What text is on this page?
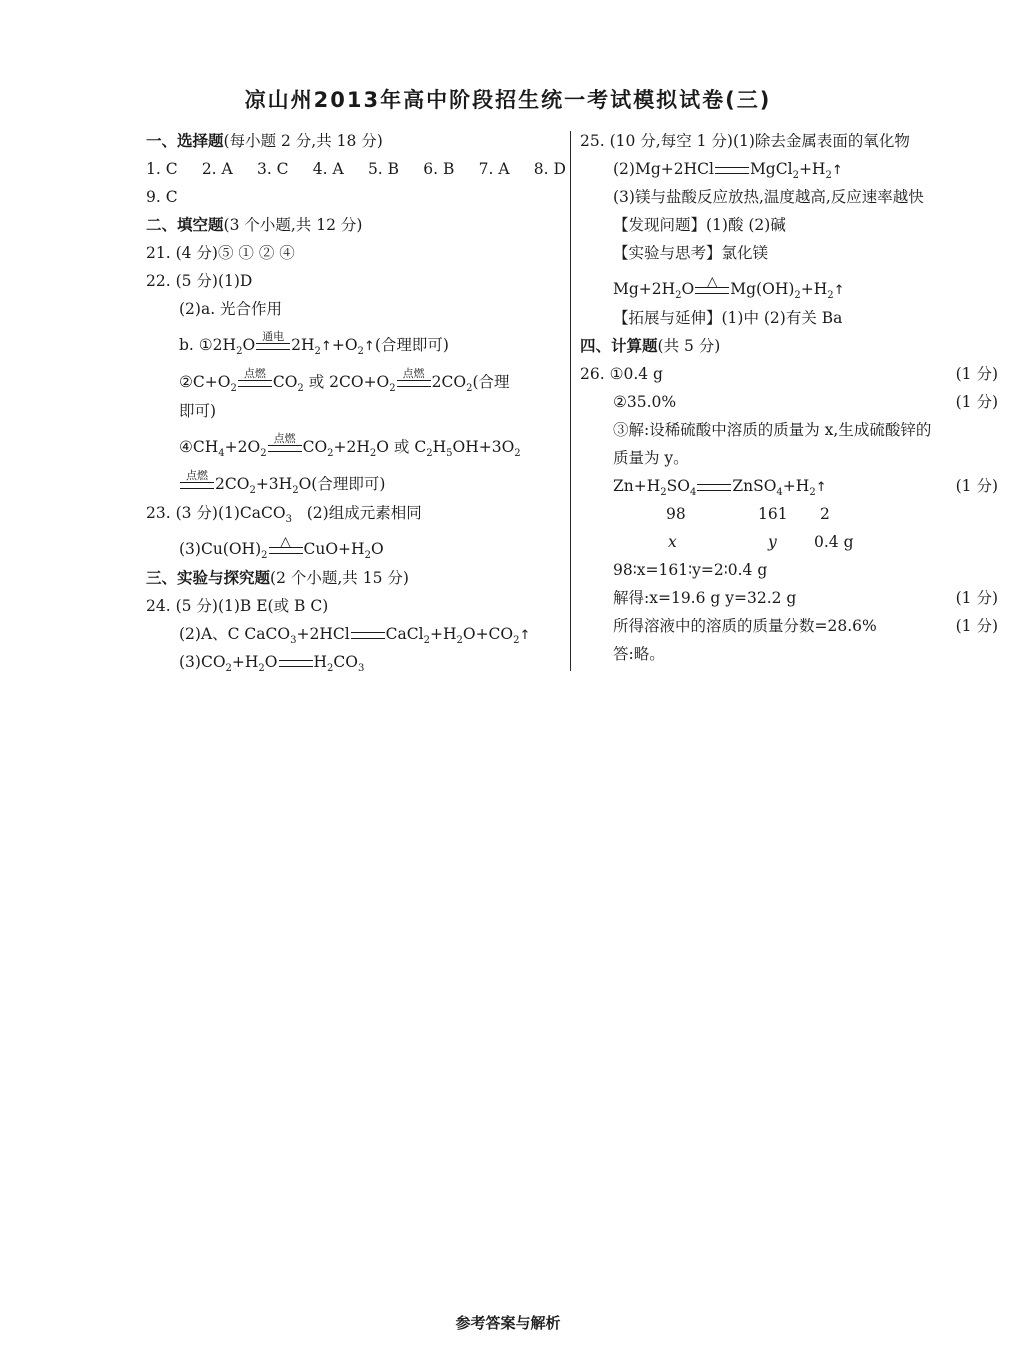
凉山州2013年高中阶段招生统一考试模拟试卷(三)
一、选择题(每小题 2 分,共 18 分)
1. C 2. A 3. C 4. A 5. B 6. B 7. A 8. D
9. C
二、填空题(3 个小题,共 12 分)
21. (4 分)⑤ ① ② ④
22. (5 分)(1)D
(2)a. 光合作用
b. $①2H_2O$ 通电 $2H_2↑+O_2↑$(合理即可)
$②C+O_2$
点燃 $CO_2$ 或 $2CO+O_2$
点燃 $2CO_2$(合理
即可)
$④CH_4+2O_2$
点燃 $CO_2+2H_2O$ 或 $C_2H_5OH+3O_2$
点燃 $2CO_2+3H_2O$(合理即可)
23. (3 分)(1)CaCO$_3$ (2)组成元素相同
$(3)Cu(OH)_2$
△ $CuO+H_2O$
三、实验与探究题(2 个小题,共 15 分)
24. (5 分)(1)B E(或 B C)
(2)A、C CaCO$_3$+2HCl $CaCl_2+H_2O+CO_2↑$
$(3)CO_2+H_2O$ $H_2CO_3$
25. (10 分,每空 1 分)(1)除去金属表面的氧化物
(2)Mg+2HCl $MgCl_2+H_2↑$
(3)镁与盐酸反应放热,温度越高,反应速率越快
【发现问题】(1)酸 (2)碱
【实验与思考】氯化镁
$Mg+2H_2O$ △ $Mg(OH)_2+H_2↑$
【拓展与延伸】(1)中 (2)有关 Ba
四、计算题(共 5 分)
26. ①0.4 g	(1 分)
②35.0%	(1 分)
③解:设稀硫酸中溶质的质量为 x,生成硫酸锌的
质量为 y。
$Zn+H_2SO_4$ $ZnSO_4+H_2↑$	(1 分)
98	161 2
x	y 0.4 g
98∶x=161∶y=2∶0.4 g
解得:x=19.6 g y=32.2 g	(1 分)
所得溶液中的溶质的质量分数=28.6%	(1 分)
答:略。
参考答案与解析
